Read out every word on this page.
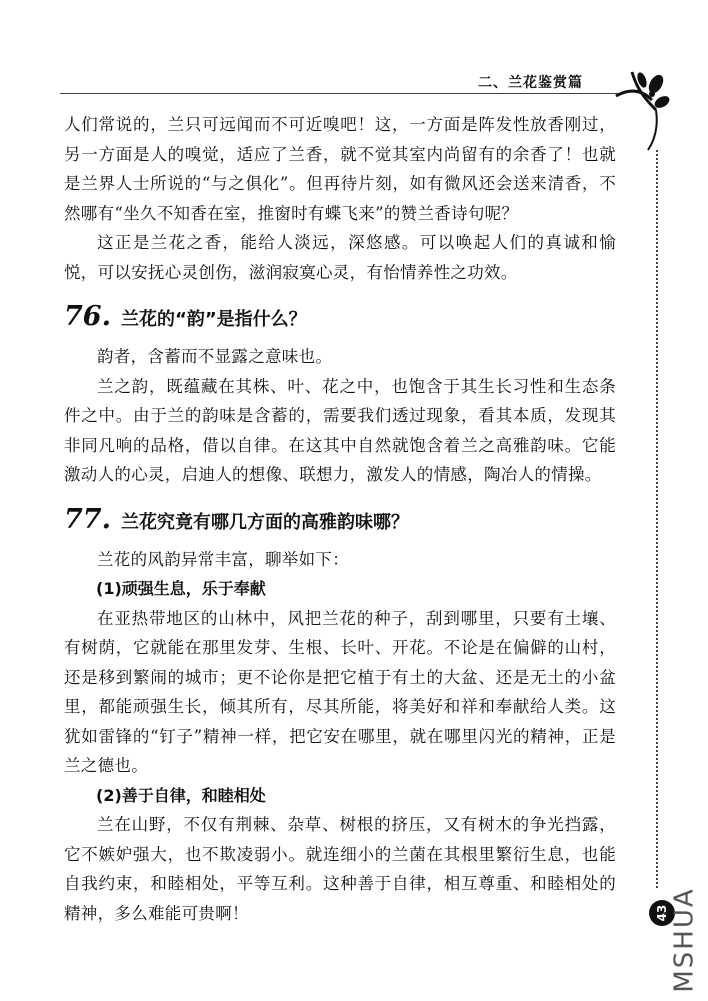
二、兰花鉴赏篇

人们常说的，兰只可远闻而不可近嗅吧！这，一方面是阵发性放香刚过，另一方面是人的嗅觉，适应了兰香，就不觉其室内尚留有的余香了！也就是兰界人士所说的“与之俱化”。但再待片刻，如有微风还会送来清香，不然哪有“坐久不知香在室，推窗时有蝶飞来”的赞兰香诗句呢？

这正是兰花之香，能给人淡远，深悠感。可以唤起人们的真诚和愉悦，可以安抚心灵创伤，滋润寂寞心灵，有怡情养性之功效。

76. 兰花的“韵”是指什么？

韵者，含蓄而不显露之意味也。

兰之韵，既蕴藏在其株、叶、花之中，也饱含于其生长习性和生态条件之中。由于兰的韵味是含蓄的，需要我们透过现象，看其本质，发现其非同凡响的品格，借以自律。在这其中自然就饱含着兰之高雅韵味。它能激动人的心灵，启迪人的想像、联想力，激发人的情感，陶冶人的情操。

77. 兰花究竟有哪几方面的高雅韵味哪？

兰花的风韵异常丰富，聊举如下：

(1)顽强生息，乐于奉献

在亚热带地区的山林中，风把兰花的种子，刮到哪里，只要有土壤、有树荫，它就能在那里发芽、生根、长叶、开花。不论是在偏僻的山村，还是移到繁闹的城市；更不论你是把它植于有土的大盆、还是无土的小盆里，都能顽强生长，倾其所有，尽其所能，将美好和祥和奉献给人类。这犹如雷锋的“钉子”精神一样，把它安在哪里，就在哪里闪光的精神，正是兰之德也。

(2)善于自律，和睦相处

兰在山野，不仅有荆棘、杂草、树根的挤压，又有树木的争光挡露，它不嫉妒强大，也不欺凌弱小。就连细小的兰菌在其根里繁衍生息，也能自我约束，和睦相处，平等互利。这种善于自律，相互尊重、和睦相处的精神，多么难能可贵啊！	43 MSHUA
